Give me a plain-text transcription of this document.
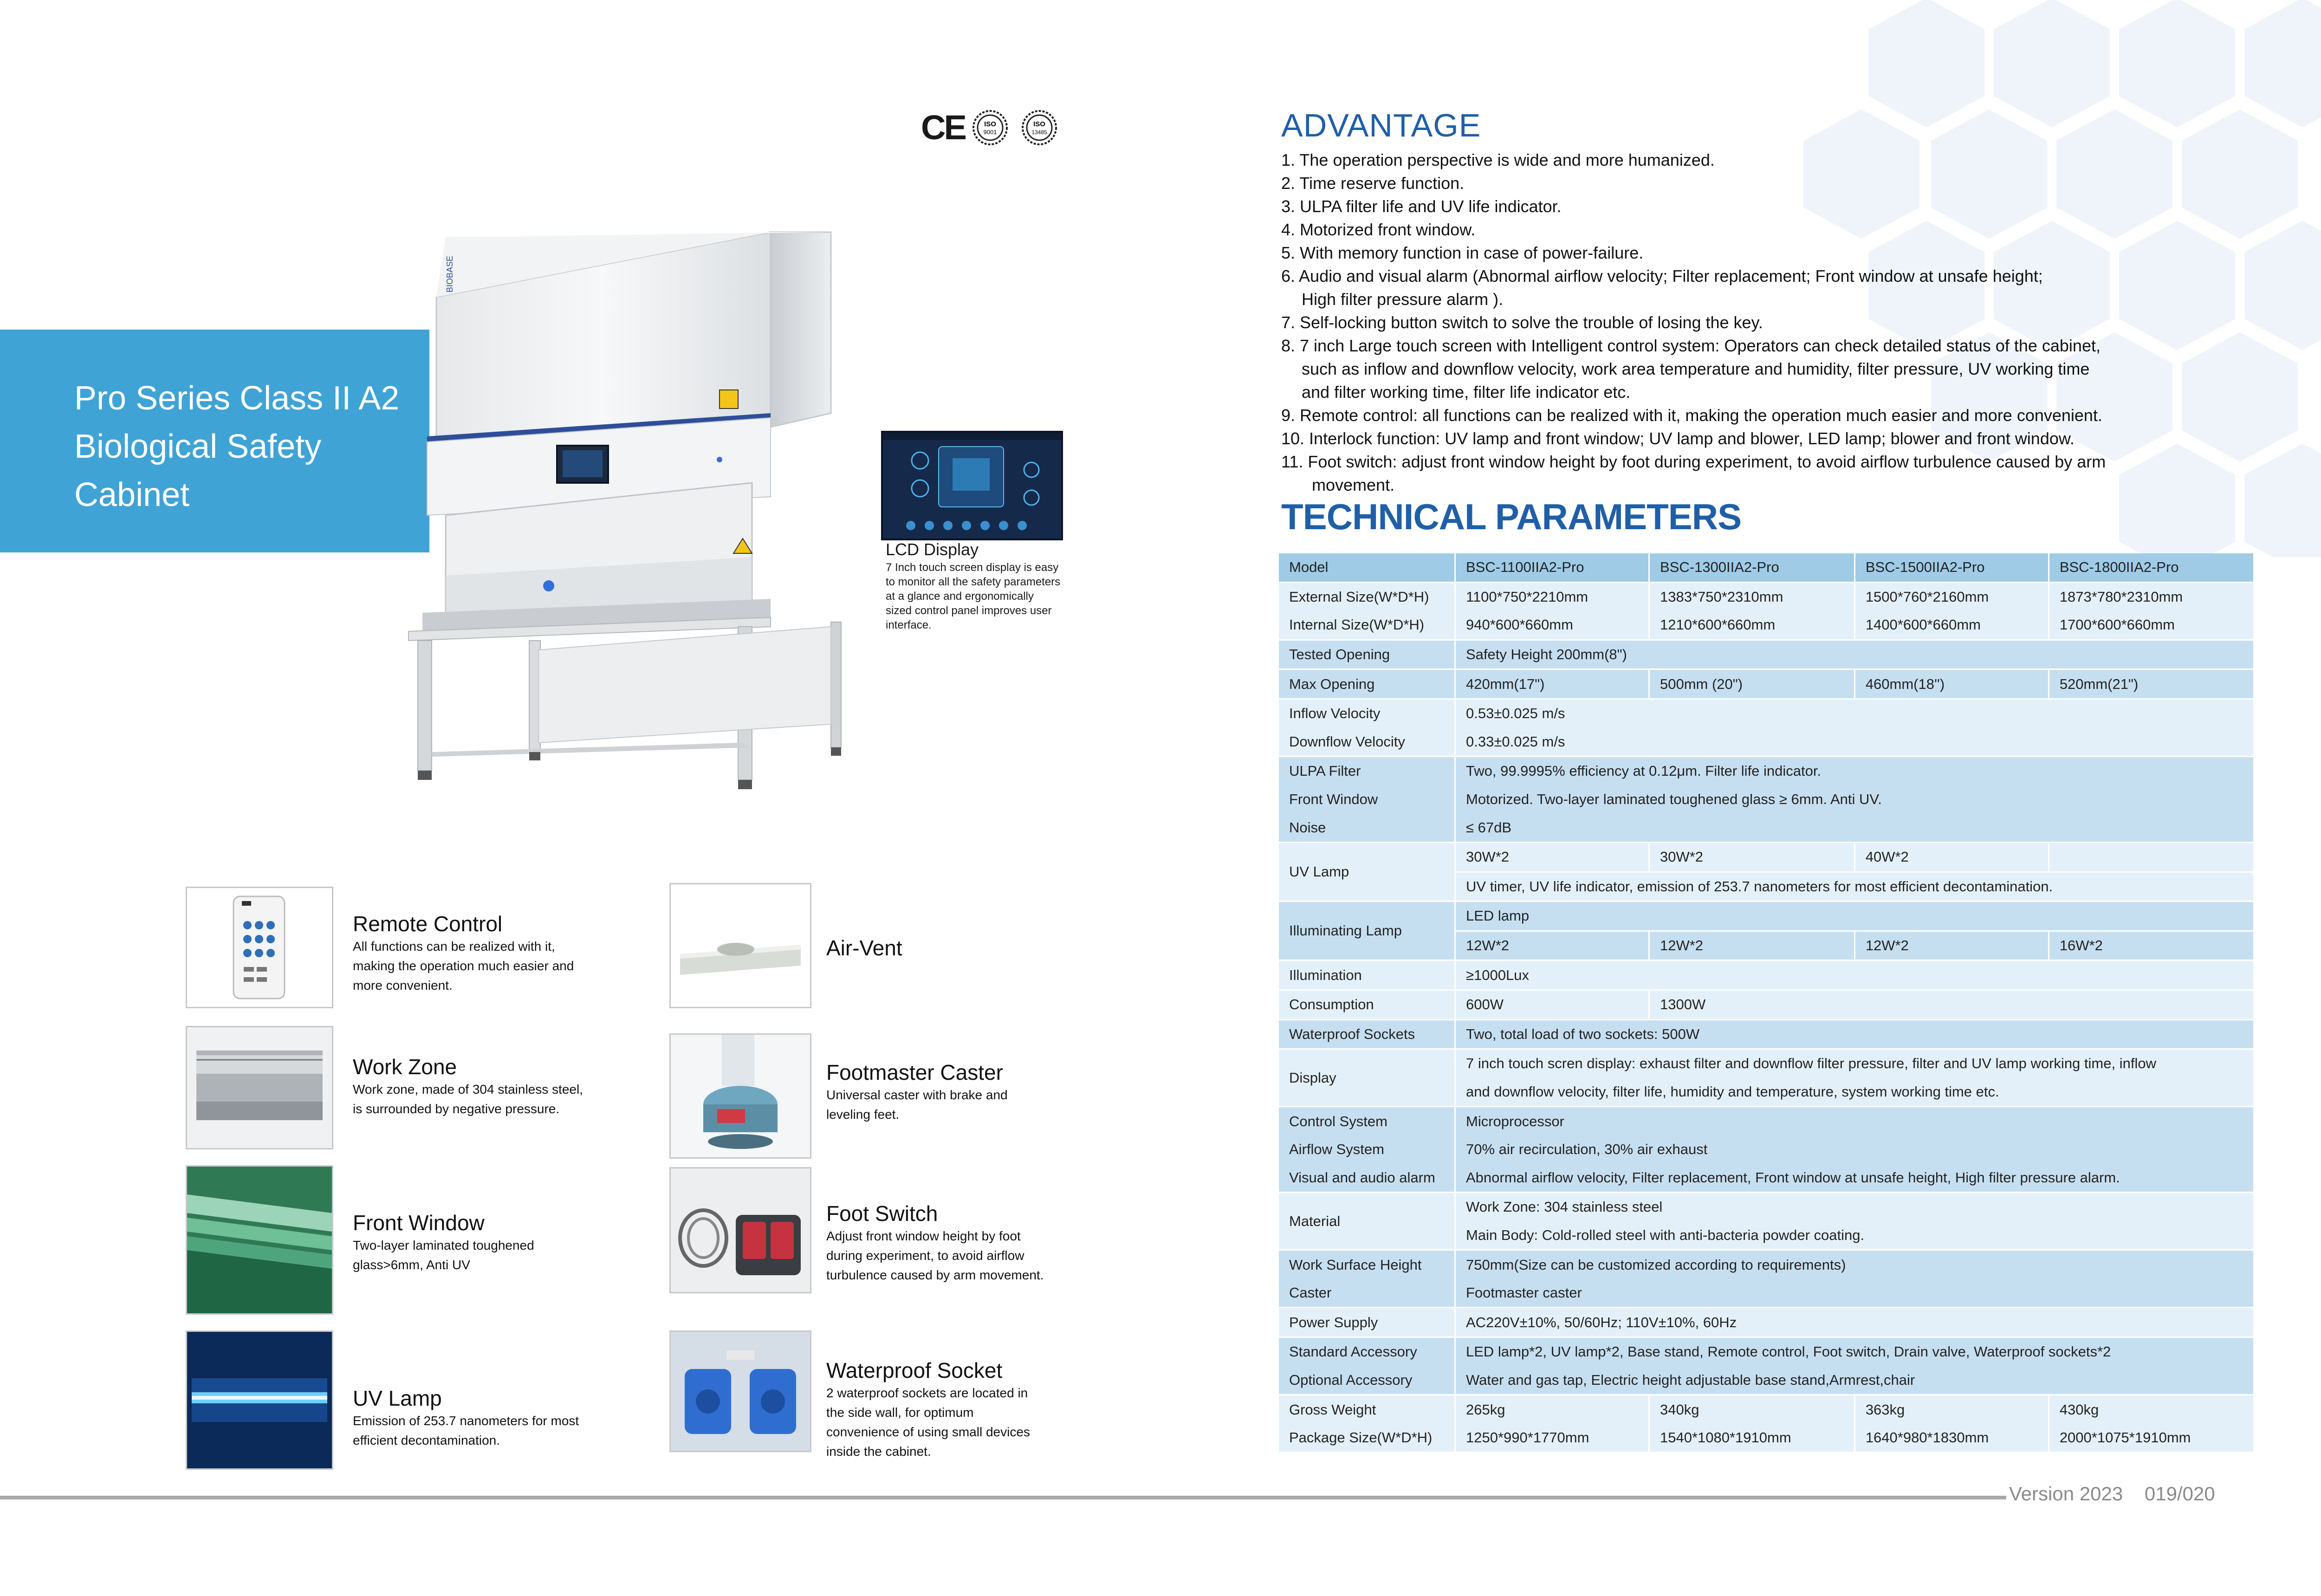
Pro Series Class II A2
Biological Safety
Cabinet
CE	ISO
9001
ISO
13485
BIOBASE
LCD Display
7 Inch touch screen display is easy to monitor all the safety parameters at a glance and ergonomically sized control panel improves user interface.
Remote Control
All functions can be realized with it, making the operation much easier and more convenient.
Work Zone
Work zone, made of 304 stainless steel, is surrounded by negative pressure.
Front Window
Two-layer laminated toughened glass>6mm, Anti UV
UV Lamp
Emission of 253.7 nanometers for most efficient decontamination.
Air-Vent
Footmaster Caster
Universal caster with brake and leveling feet.
Foot Switch
Adjust front window height by foot during experiment, to avoid airflow turbulence caused by arm movement.
Waterproof Socket
2 waterproof sockets are located in the side wall, for optimum convenience of using small devices inside the cabinet.
ADVANTAGE
1. The operation perspective is wide and more humanized.
2. Time reserve function.
3. ULPA filter life and UV life indicator.
4. Motorized front window.
5. With memory function in case of power-failure.
6. Audio and visual alarm (Abnormal airflow velocity; Filter replacement; Front window at unsafe height;
High filter pressure alarm ).
7. Self-locking button switch to solve the trouble of losing the key.
8. 7 inch Large touch screen with Intelligent control system: Operators can check detailed status of the cabinet,
such as inflow and downflow velocity, work area temperature and humidity, filter pressure, UV working time
and filter working time, filter life indicator etc.
9. Remote control: all functions can be realized with it, making the operation much easier and more convenient.
10. Interlock function: UV lamp and front window; UV lamp and blower, LED lamp; blower and front window.
11. Foot switch: adjust front window height by foot during experiment, to avoid airflow turbulence caused by arm
movement.
TECHNICAL PARAMETERS
Model	BSC-1100IIA2-Pro	BSC-1300IIA2-Pro	BSC-1500IIA2-Pro	BSC-1800IIA2-Pro
External Size(W*D*H)	1100*750*2210mm	1383*750*2310mm	1500*760*2160mm	1873*780*2310mm
Internal Size(W*D*H)	940*600*660mm	1210*600*660mm	1400*600*660mm	1700*600*660mm
Tested Opening	Safety Height 200mm(8")			
Max Opening	420mm(17")	500mm (20")	460mm(18'')	520mm(21")
Inflow Velocity	0.53±0.025 m/s			
Downflow Velocity	0.33±0.025 m/s			
ULPA Filter	Two, 99.9995% efficiency at 0.12μm. Filter life indicator.			
Front Window	Motorized. Two-layer laminated toughened glass ≥ 6mm. Anti UV.			
Noise	≤ 67dB			
UV Lamp	30W*2	30W*2	40W*2	
	UV timer, UV life indicator, emission of 253.7 nanometers for most efficient decontamination.			
Illuminating Lamp	LED lamp			
	12W*2	12W*2	12W*2	16W*2
Illumination	≥1000Lux			
Consumption	600W	1300W		
Waterproof Sockets	Two, total load of two sockets: 500W			
Display	7 inch touch scren display: exhaust filter and downflow filter pressure, filter and UV lamp working time, inflow			
	and downflow velocity, filter life, humidity and temperature, system working time etc.			
Control System	Microprocessor			
Airflow System	70% air recirculation, 30% air exhaust			
Visual and audio alarm	Abnormal airflow velocity, Filter replacement, Front window at unsafe height, High filter pressure alarm.			
Material	Work Zone: 304 stainless steel			
	Main Body: Cold-rolled steel with anti-bacteria powder coating.			
Work Surface Height	750mm(Size can be customized according to requirements)			
Caster	Footmaster caster			
Power Supply	AC220V±10%, 50/60Hz; 110V±10%, 60Hz			
Standard Accessory	LED lamp*2, UV lamp*2, Base stand, Remote control, Foot switch, Drain valve, Waterproof sockets*2			
Optional Accessory	Water and gas tap, Electric height adjustable base stand,Armrest,chair			
Gross Weight	265kg	340kg	363kg	430kg
Package Size(W*D*H)	1250*990*1770mm	1540*1080*1910mm	1640*980*1830mm	2000*1075*1910mm
Version 2023    019/020
